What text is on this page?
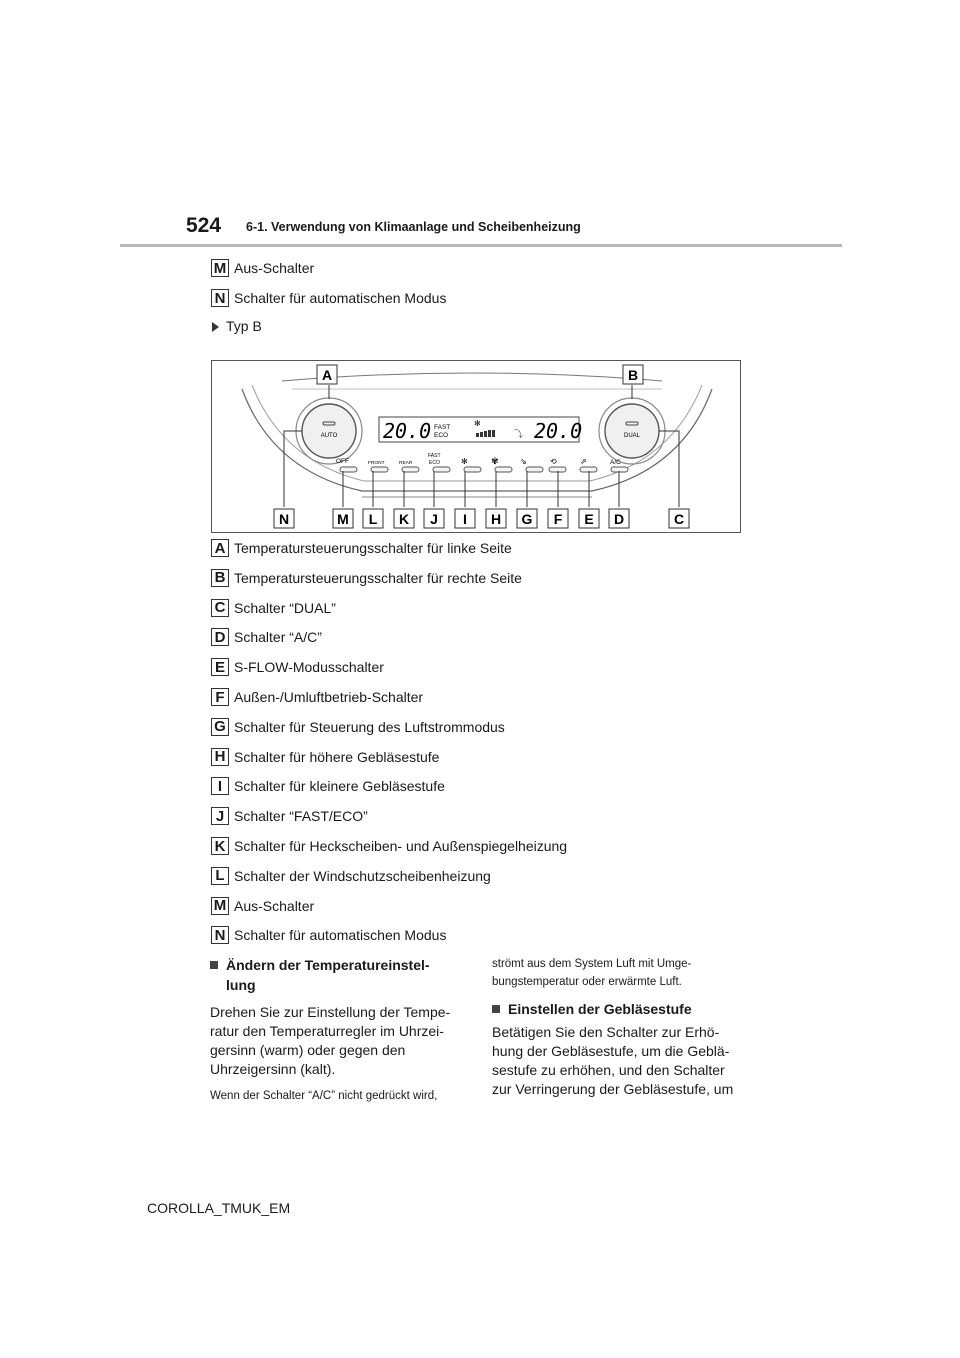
524 6-1. Verwendung von Klimaanlage und Scheibenheizung
M Aus-Schalter
N Schalter für automatischen Modus
Typ B
AUTO	DUAL
20.0 FAST
ECO
✻
⤵ 20.0
OFF	FRONT	REAR
FAST
ECO	✻	✾	⇘	⟲	⇗	A/C
A	B
N	M L K J I H G F E D	C
A Temperatursteuerungsschalter für linke Seite
B Temperatursteuerungsschalter für rechte Seite
C Schalter “DUAL”
D Schalter “A/C”
E S-FLOW-Modusschalter
F Außen-/Umluftbetrieb-Schalter
G Schalter für Steuerung des Luftstrommodus
H Schalter für höhere Gebläsestufe
I Schalter für kleinere Gebläsestufe
J Schalter “FAST/ECO”
K Schalter für Heckscheiben- und Außenspiegelheizung
L Schalter der Windschutzscheibenheizung
M Aus-Schalter
N Schalter für automatischen Modus
Ändern der Temperatureinstel-
lung
Drehen Sie zur Einstellung der Tempe-
ratur den Temperaturregler im Uhrzei-
gersinn (warm) oder gegen den
Uhrzeigersinn (kalt).
Wenn der Schalter “A/C” nicht gedrückt wird,
strömt aus dem System Luft mit Umge-
bungstemperatur oder erwärmte Luft.
Einstellen der Gebläsestufe
Betätigen Sie den Schalter zur Erhö-
hung der Gebläsestufe, um die Geblä-
sestufe zu erhöhen, und den Schalter
zur Verringerung der Gebläsestufe, um
COROLLA_TMUK_EM
